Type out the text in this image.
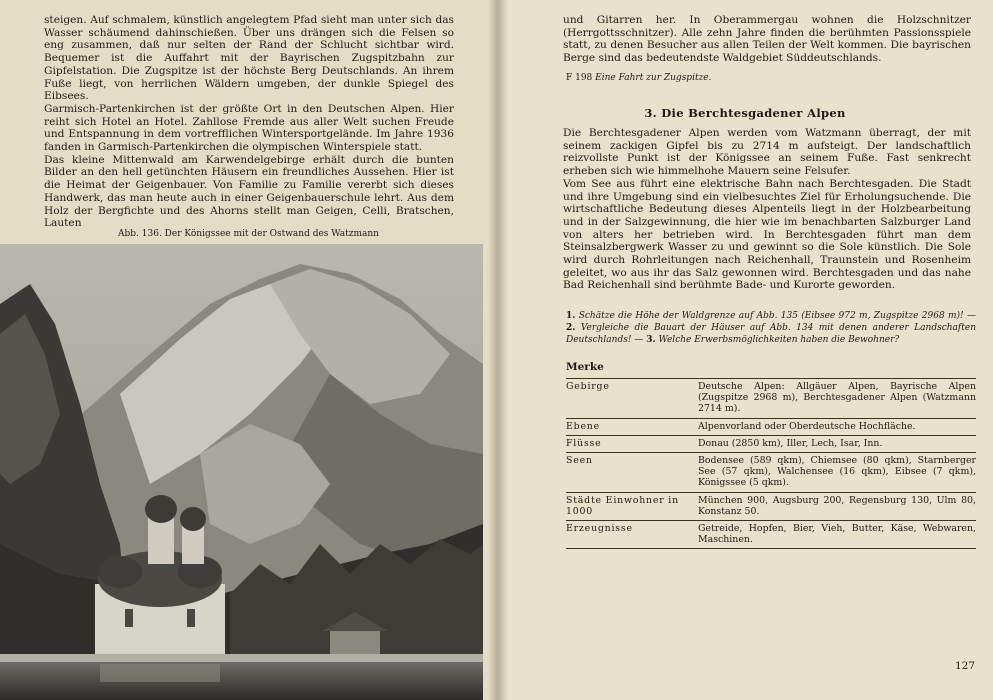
steigen. Auf schmalem, künstlich angelegtem Pfad sieht man unter sich das Wasser schäumend dahinschießen. Über uns drängen sich die Felsen so eng zusammen, daß nur selten der Rand der Schlucht sichtbar wird. Bequemer ist die Auffahrt mit der Bayrischen Zugspitzbahn zur Gipfelstation. Die Zugspitze ist der höchste Berg Deutschlands. An ihrem Fuße liegt, von herrlichen Wäldern umgeben, der dunkle Spiegel des Eibsees.

Garmisch-Partenkirchen ist der größte Ort in den Deutschen Alpen. Hier reiht sich Hotel an Hotel. Zahllose Fremde aus aller Welt suchen Freude und Entspannung in dem vortrefflichen Wintersportgelände. Im Jahre 1936 fanden in Garmisch-Partenkirchen die olympischen Winterspiele statt.

Das kleine Mittenwald am Karwendelgebirge erhält durch die bunten Bilder an den hell getünchten Häusern ein freundliches Aussehen. Hier ist die Heimat der Geigenbauer. Von Familie zu Familie vererbt sich dieses Handwerk, das man heute auch in einer Geigenbauerschule lehrt. Aus dem Holz der Bergfichte und des Ahorns stellt man Geigen, Celli, Bratschen, Lauten

Abb. 136. Der Königssee mit der Ostwand des Watzmann
und Gitarren her. In Oberammergau wohnen die Holzschnitzer (Herrgottsschnitzer). Alle zehn Jahre finden die berühmten Passionsspiele statt, zu denen Besucher aus allen Teilen der Welt kommen. Die bayrischen Berge sind das bedeutendste Waldgebiet Süddeutschlands.
F 198 Eine Fahrt zur Zugspitze.
3. Die Berchtesgadener Alpen

Die Berchtesgadener Alpen werden vom Watzmann überragt, der mit seinem zackigen Gipfel bis zu 2714 m aufsteigt. Der landschaftlich reizvollste Punkt ist der Königssee an seinem Fuße. Fast senkrecht erheben sich wie himmelhohe Mauern seine Felsufer.

Vom See aus führt eine elektrische Bahn nach Berchtesgaden. Die Stadt und ihre Umgebung sind ein vielbesuchtes Ziel für Erholungsuchende. Die wirtschaftliche Bedeutung dieses Alpenteils liegt in der Holzbearbeitung und in der Salzgewinnung, die hier wie im benachbarten Salzburger Land von alters her betrieben wird. In Berchtesgaden führt man dem Steinsalzbergwerk Wasser zu und gewinnt so die Sole künstlich. Die Sole wird durch Rohrleitungen nach Reichenhall, Traunstein und Rosenheim geleitet, wo aus ihr das Salz gewonnen wird. Berchtesgaden und das nahe Bad Reichenhall sind berühmte Bade- und Kurorte geworden.

1. Schätze die Höhe der Waldgrenze auf Abb. 135 (Eibsee 972 m, Zugspitze 2968 m)! — 2. Vergleiche die Bauart der Häuser auf Abb. 134 mit denen anderer Landschaften Deutschlands! — 3. Welche Erwerbsmöglichkeiten haben die Bewohner?
Merke
Gebirge	Deutsche Alpen: Allgäuer Alpen, Bayrische Alpen (Zugspitze 2968 m), Berchtesgadener Alpen (Watzmann 2714 m).
Ebene	Alpenvorland oder Oberdeutsche Hochfläche.
Flüsse	Donau (2850 km), Iller, Lech, Isar, Inn.
Seen	Bodensee (589 qkm), Chiemsee (80 qkm), Starnberger See (57 qkm), Walchensee (16 qkm), Eibsee (7 qkm), Königssee (5 qkm).
Städte Einwohner in 1000	München 900, Augsburg 200, Regensburg 130, Ulm 80, Konstanz 50.
Erzeugnisse	Getreide, Hopfen, Bier, Vieh, Butter, Käse, Webwaren, Maschinen.
127
